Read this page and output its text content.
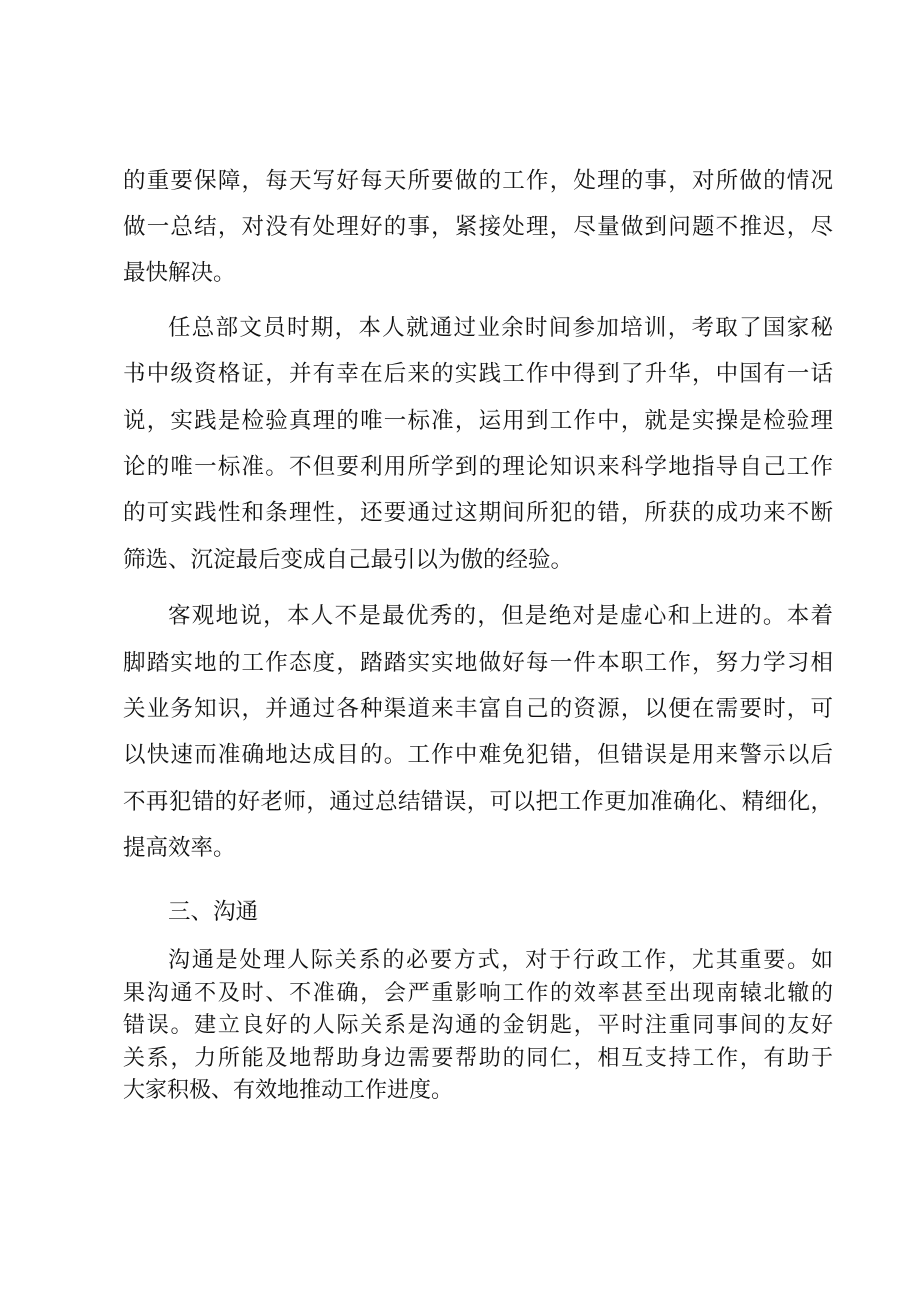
的重要保障，每天写好每天所要做的工作，处理的事，对所做的情况
做一总结，对没有处理好的事，紧接处理，尽量做到问题不推迟，尽
最快解决。
任总部文员时期，本人就通过业余时间参加培训，考取了国家秘
书中级资格证，并有幸在后来的实践工作中得到了升华，中国有一话
说，实践是检验真理的唯一标准，运用到工作中，就是实操是检验理
论的唯一标准。不但要利用所学到的理论知识来科学地指导自己工作
的可实践性和条理性，还要通过这期间所犯的错，所获的成功来不断
筛选、沉淀最后变成自己最引以为傲的经验。
客观地说，本人不是最优秀的，但是绝对是虚心和上进的。本着
脚踏实地的工作态度，踏踏实实地做好每一件本职工作，努力学习相
关业务知识，并通过各种渠道来丰富自己的资源，以便在需要时，可
以快速而准确地达成目的。工作中难免犯错，但错误是用来警示以后
不再犯错的好老师，通过总结错误，可以把工作更加准确化、精细化，
提高效率。
三、沟通
沟通是处理人际关系的必要方式，对于行政工作，尤其重要。如
果沟通不及时、不准确，会严重影响工作的效率甚至出现南辕北辙的
错误。建立良好的人际关系是沟通的金钥匙，平时注重同事间的友好
关系，力所能及地帮助身边需要帮助的同仁，相互支持工作，有助于
大家积极、有效地推动工作进度。
